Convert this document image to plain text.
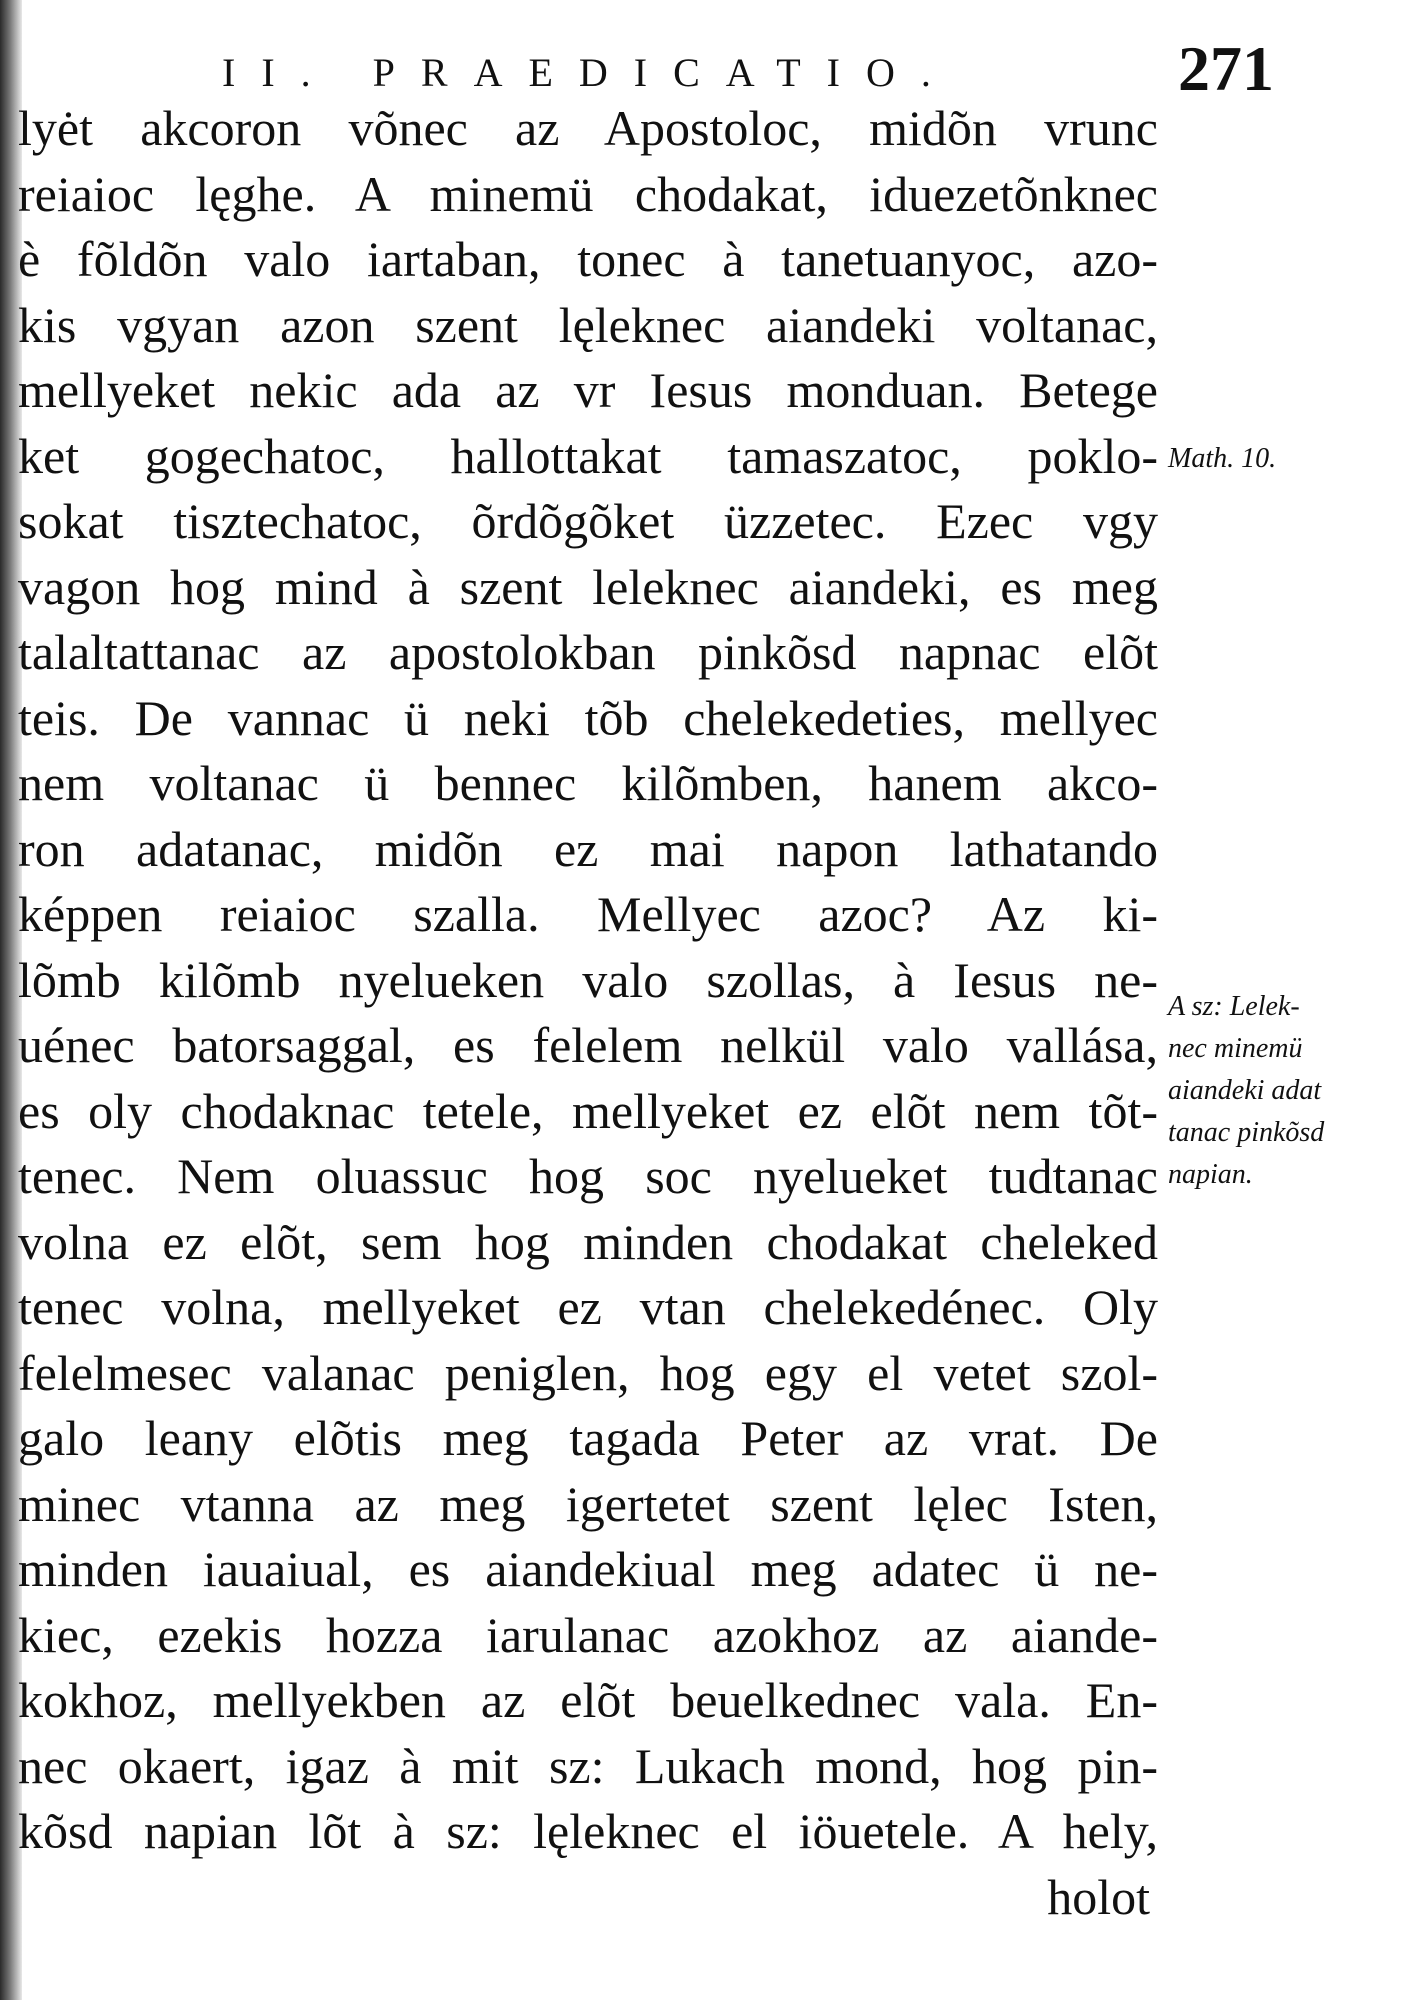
II. PRAEDICATIO.	271
lyėt akcoron võnec az Apostoloc, midõn vrunc
reiaioc lęghe. A minemü chodakat, iduezetõnknec
è fõldõn valo iartaban, tonec à tanetuanyoc, azo-
kis vgyan azon szent lęleknec aiandeki voltanac,
mellyeket nekic ada az vr Iesus monduan. Betege
ket gogechatoc, hallottakat tamaszatoc, poklo-
sokat tisztechatoc, õrdõgõket üzzetec. Ezec vgy
vagon hog mind à szent leleknec aiandeki, es meg
talaltattanac az apostolokban pinkõsd napnac elõt
teis. De vannac ü neki tõb chelekedeties, mellyec
nem voltanac ü bennec kilõmben, hanem akco-
ron adatanac, midõn ez mai napon lathatando
képpen reiaioc szalla. Mellyec azoc? Az ki-
lõmb kilõmb nyelueken valo szollas, à Iesus ne-
uénec batorsaggal, es felelem nelkül valo vallása,
es oly chodaknac tetele, mellyeket ez elõt nem tõt-
tenec. Nem oluassuc hog soc nyelueket tudtanac
volna ez elõt, sem hog minden chodakat cheleked
tenec volna, mellyeket ez vtan chelekedénec. Oly
felelmesec valanac peniglen, hog egy el vetet szol-
galo leany elõtis meg tagada Peter az vrat. De
minec vtanna az meg igertetet szent lęlec Isten,
minden iauaiual, es aiandekiual meg adatec ü ne-
kiec, ezekis hozza iarulanac azokhoz az aiande-
kokhoz, mellyekben az elõt beuelkednec vala. En-
nec okaert, igaz à mit sz: Lukach mond, hog pin-
kõsd napian lõt à sz: lęleknec el iöuetele. A hely,
holot
Math. 10.
A sz: Lelek-
nec minemü
aiandeki adat
tanac pinkõsd
napian.
